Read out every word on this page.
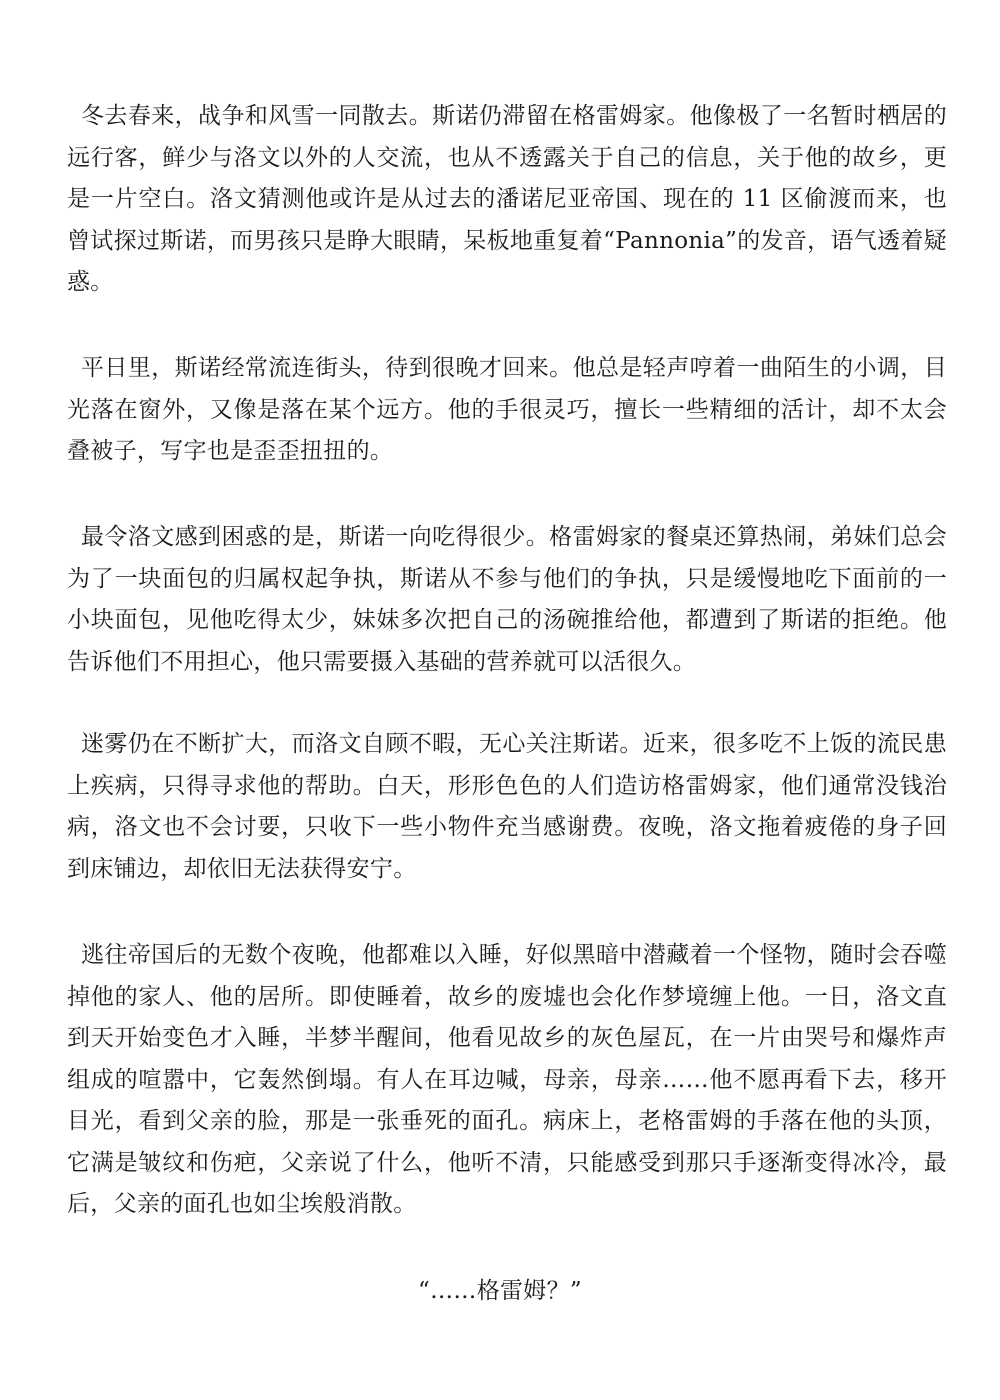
冬去春来，战争和风雪一同散去。斯诺仍滞留在格雷姆家。他像极了一名暂时栖居的远行客，鲜少与洛文以外的人交流，也从不透露关于自己的信息，关于他的故乡，更是一片空白。洛文猜测他或许是从过去的潘诺尼亚帝国、现在的 11 区偷渡而来，也曾试探过斯诺，而男孩只是睁大眼睛，呆板地重复着“Pannonia”的发音，语气透着疑惑。

平日里，斯诺经常流连街头，待到很晚才回来。他总是轻声哼着一曲陌生的小调，目光落在窗外，又像是落在某个远方。他的手很灵巧，擅长一些精细的活计，却不太会叠被子，写字也是歪歪扭扭的。

最令洛文感到困惑的是，斯诺一向吃得很少。格雷姆家的餐桌还算热闹，弟妹们总会为了一块面包的归属权起争执，斯诺从不参与他们的争执，只是缓慢地吃下面前的一小块面包，见他吃得太少，妹妹多次把自己的汤碗推给他，都遭到了斯诺的拒绝。他告诉他们不用担心，他只需要摄入基础的营养就可以活很久。

迷雾仍在不断扩大，而洛文自顾不暇，无心关注斯诺。近来，很多吃不上饭的流民患上疾病，只得寻求他的帮助。白天，形形色色的人们造访格雷姆家，他们通常没钱治病，洛文也不会讨要，只收下一些小物件充当感谢费。夜晚，洛文拖着疲倦的身子回到床铺边，却依旧无法获得安宁。

逃往帝国后的无数个夜晚，他都难以入睡，好似黑暗中潜藏着一个怪物，随时会吞噬掉他的家人、他的居所。即使睡着，故乡的废墟也会化作梦境缠上他。一日，洛文直到天开始变色才入睡，半梦半醒间，他看见故乡的灰色屋瓦，在一片由哭号和爆炸声组成的喧嚣中，它轰然倒塌。有人在耳边喊，母亲，母亲……他不愿再看下去，移开目光，看到父亲的脸，那是一张垂死的面孔。病床上，老格雷姆的手落在他的头顶，它满是皱纹和伤疤，父亲说了什么，他听不清，只能感受到那只手逐渐变得冰冷，最后，父亲的面孔也如尘埃般消散。

“……格雷姆？”
